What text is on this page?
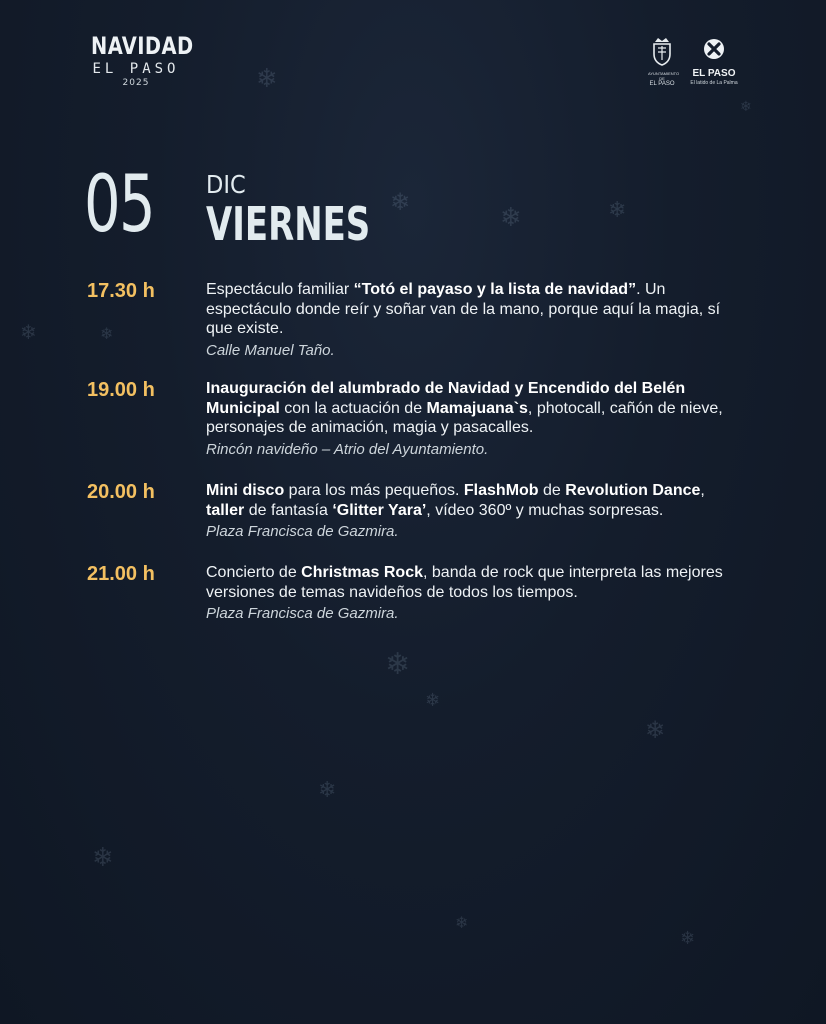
❄
❄
❄	❄
❄
❄	❄
❄
❄
❄
❄
❄
❄
❄
NAVIDAD
EL PASO
2025
AYUNTAMIENTO DE
EL PASO
EL PASO
El latido de La Palma
05 DIC
VIERNES
17.30 h	Espectáculo familiar “Totó el payaso y la lista de navidad”. Un espectáculo donde reír y soñar van de la mano, porque aquí la magia, sí que existe.
Calle Manuel Taño.
19.00 h	Inauguración del alumbrado de Navidad y Encendido del Belén Municipal con la actuación de Mamajuana`s, photocall, cañón de nieve, personajes de animación, magia y pasacalles.
Rincón navideño – Atrio del Ayuntamiento.
20.00 h	Mini disco para los más pequeños. FlashMob de Revolution Dance, taller de fantasía ‘Glitter Yara’, vídeo 360º y muchas sorpresas.
Plaza Francisca de Gazmira.
21.00 h	Concierto de Christmas Rock, banda de rock que interpreta las mejores versiones de temas navideños de todos los tiempos.
Plaza Francisca de Gazmira.
